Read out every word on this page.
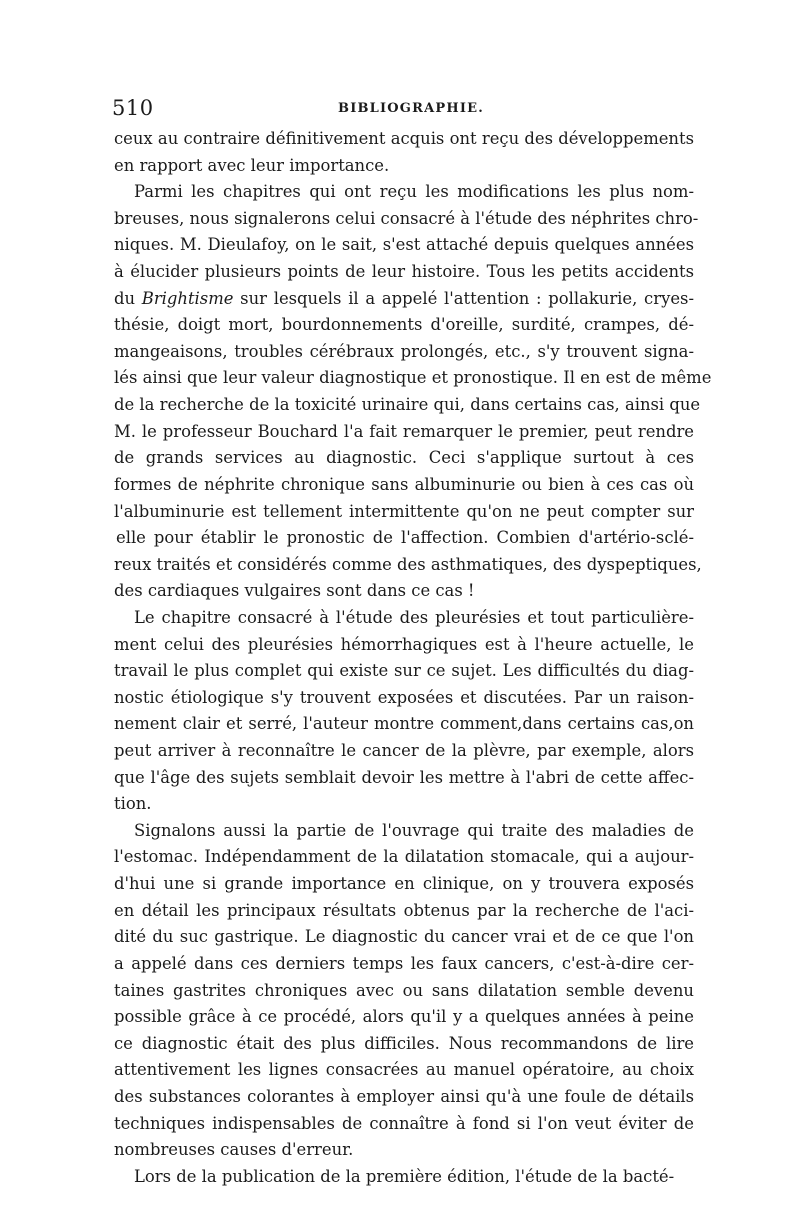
510	BIBLIOGRAPHIE.
ceux au contraire définitivement acquis ont reçu des développements
en rapport avec leur importance.
Parmi les chapitres qui ont reçu les modifications les plus nom-
breuses, nous signalerons celui consacré à l'étude des néphrites chro-
niques. M. Dieulafoy, on le sait, s'est attaché depuis quelques années
à élucider plusieurs points de leur histoire. Tous les petits accidents
du Brightisme sur lesquels il a appelé l'attention : pollakurie, cryes-
thésie, doigt mort, bourdonnements d'oreille, surdité, crampes, dé-
mangeaisons, troubles cérébraux prolongés, etc., s'y trouvent signa-
lés ainsi que leur valeur diagnostique et pronostique. Il en est de même
de la recherche de la toxicité urinaire qui, dans certains cas, ainsi que
M. le professeur Bouchard l'a fait remarquer le premier, peut rendre
de grands services au diagnostic. Ceci s'applique surtout à ces
formes de néphrite chronique sans albuminurie ou bien à ces cas où
l'albuminurie est tellement intermittente qu'on ne peut compter sur
elle pour établir le pronostic de l'affection. Combien d'artério-sclé-
reux traités et considérés comme des asthmatiques, des dyspeptiques,
des cardiaques vulgaires sont dans ce cas !
Le chapitre consacré à l'étude des pleurésies et tout particulière-
ment celui des pleurésies hémorrhagiques est à l'heure actuelle, le
travail le plus complet qui existe sur ce sujet. Les difficultés du diag-
nostic étiologique s'y trouvent exposées et discutées. Par un raison-
nement clair et serré, l'auteur montre comment,dans certains cas,on
peut arriver à reconnaître le cancer de la plèvre, par exemple, alors
que l'âge des sujets semblait devoir les mettre à l'abri de cette affec-
tion.
Signalons aussi la partie de l'ouvrage qui traite des maladies de
l'estomac. Indépendamment de la dilatation stomacale, qui a aujour-
d'hui une si grande importance en clinique, on y trouvera exposés
en détail les principaux résultats obtenus par la recherche de l'aci-
dité du suc gastrique. Le diagnostic du cancer vrai et de ce que l'on
a appelé dans ces derniers temps les faux cancers, c'est-à-dire cer-
taines gastrites chroniques avec ou sans dilatation semble devenu
possible grâce à ce procédé, alors qu'il y a quelques années à peine
ce diagnostic était des plus difficiles. Nous recommandons de lire
attentivement les lignes consacrées au manuel opératoire, au choix
des substances colorantes à employer ainsi qu'à une foule de détails
techniques indispensables de connaître à fond si l'on veut éviter de
nombreuses causes d'erreur.
Lors de la publication de la première édition, l'étude de la bacté-
